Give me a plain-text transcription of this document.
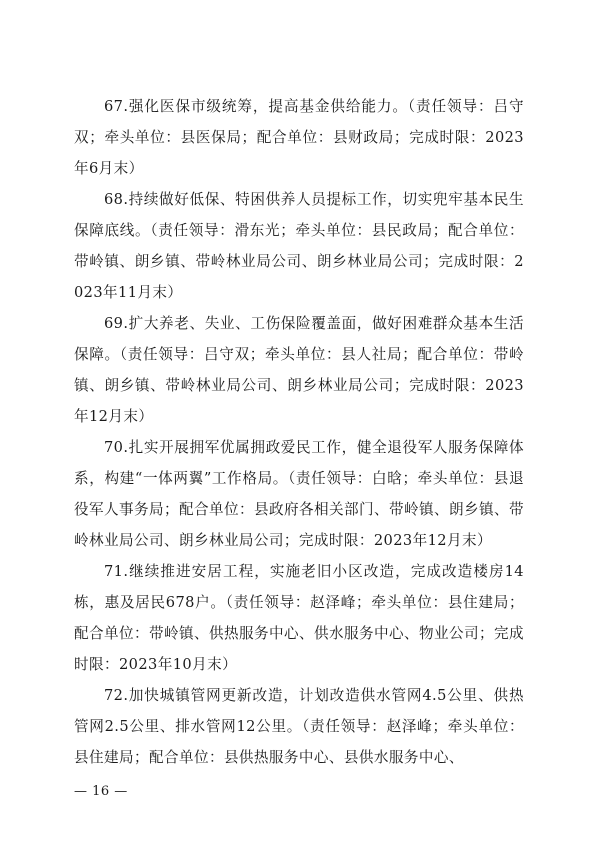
67.强化医保市级统筹，提高基金供给能力。（责任领导：吕守双；牵头单位：县医保局；配合单位：县财政局；完成时限：2023年6月末）

68.持续做好低保、特困供养人员提标工作，切实兜牢基本民生保障底线。（责任领导：滑东光；牵头单位：县民政局；配合单位：带岭镇、朗乡镇、带岭林业局公司、朗乡林业局公司；完成时限：2023年11月末）

69.扩大养老、失业、工伤保险覆盖面，做好困难群众基本生活保障。（责任领导：吕守双；牵头单位：县人社局；配合单位：带岭镇、朗乡镇、带岭林业局公司、朗乡林业局公司；完成时限：2023年12月末）

70.扎实开展拥军优属拥政爱民工作，健全退役军人服务保障体系，构建“一体两翼”工作格局。（责任领导：白晗；牵头单位：县退役军人事务局；配合单位：县政府各相关部门、带岭镇、朗乡镇、带岭林业局公司、朗乡林业局公司；完成时限：2023年12月末）

71.继续推进安居工程，实施老旧小区改造，完成改造楼房14栋，惠及居民678户。（责任领导：赵泽峰；牵头单位：县住建局；配合单位：带岭镇、供热服务中心、供水服务中心、物业公司；完成时限：2023年10月末）

72.加快城镇管网更新改造，计划改造供水管网4.5公里、供热管网2.5公里、排水管网12公里。（责任领导：赵泽峰；牵头单位：县住建局；配合单位：县供热服务中心、县供水服务中心、

— 16 —
